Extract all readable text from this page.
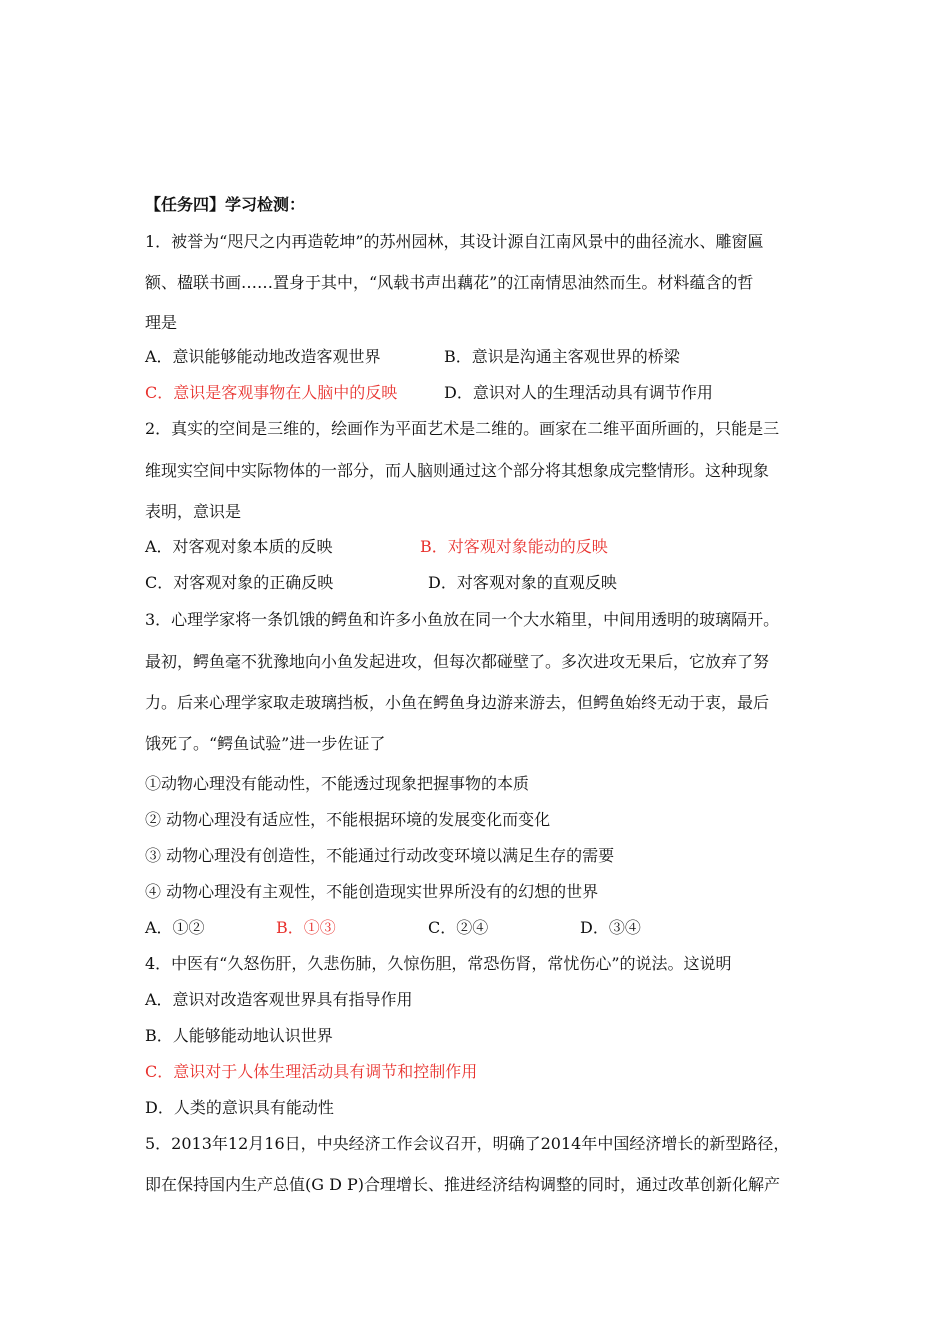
【任务四】学习检测：
1．被誉为“咫尺之内再造乾坤”的苏州园林，其设计源自江南风景中的曲径流水、雕窗匾
额、楹联书画……置身于其中，“风载书声出藕花”的江南情思油然而生。材料蕴含的哲
理是
A．意识能够能动地改造客观世界	B．意识是沟通主客观世界的桥梁
C．意识是客观事物在人脑中的反映	D．意识对人的生理活动具有调节作用
2．真实的空间是三维的，绘画作为平面艺术是二维的。画家在二维平面所画的，只能是三
维现实空间中实际物体的一部分，而人脑则通过这个部分将其想象成完整情形。这种现象
表明，意识是
A．对客观对象本质的反映	B．对客观对象能动的反映
C．对客观对象的正确反映	D．对客观对象的直观反映
3．心理学家将一条饥饿的鳄鱼和许多小鱼放在同一个大水箱里，中间用透明的玻璃隔开。
最初，鳄鱼毫不犹豫地向小鱼发起进攻，但每次都碰壁了。多次进攻无果后，它放弃了努
力。后来心理学家取走玻璃挡板，小鱼在鳄鱼身边游来游去，但鳄鱼始终无动于衷，最后
饿死了。“鳄鱼试验”进一步佐证了
①动物心理没有能动性，不能透过现象把握事物的本质
② 动物心理没有适应性，不能根据环境的发展变化而变化
③ 动物心理没有创造性，不能通过行动改变环境以满足生存的需要
④ 动物心理没有主观性，不能创造现实世界所没有的幻想的世界
A．①②	B．①③	C．②④	D．③④
4．中医有“久怒伤肝，久悲伤肺，久惊伤胆，常恐伤肾，常忧伤心”的说法。这说明
A．意识对改造客观世界具有指导作用
B．人能够能动地认识世界
C．意识对于人体生理活动具有调节和控制作用
D．人类的意识具有能动性
5．2013年12月16日，中央经济工作会议召开，明确了2014年中国经济增长的新型路径，
即在保持国内生产总值(G D P)合理增长、推进经济结构调整的同时，通过改革创新化解产
